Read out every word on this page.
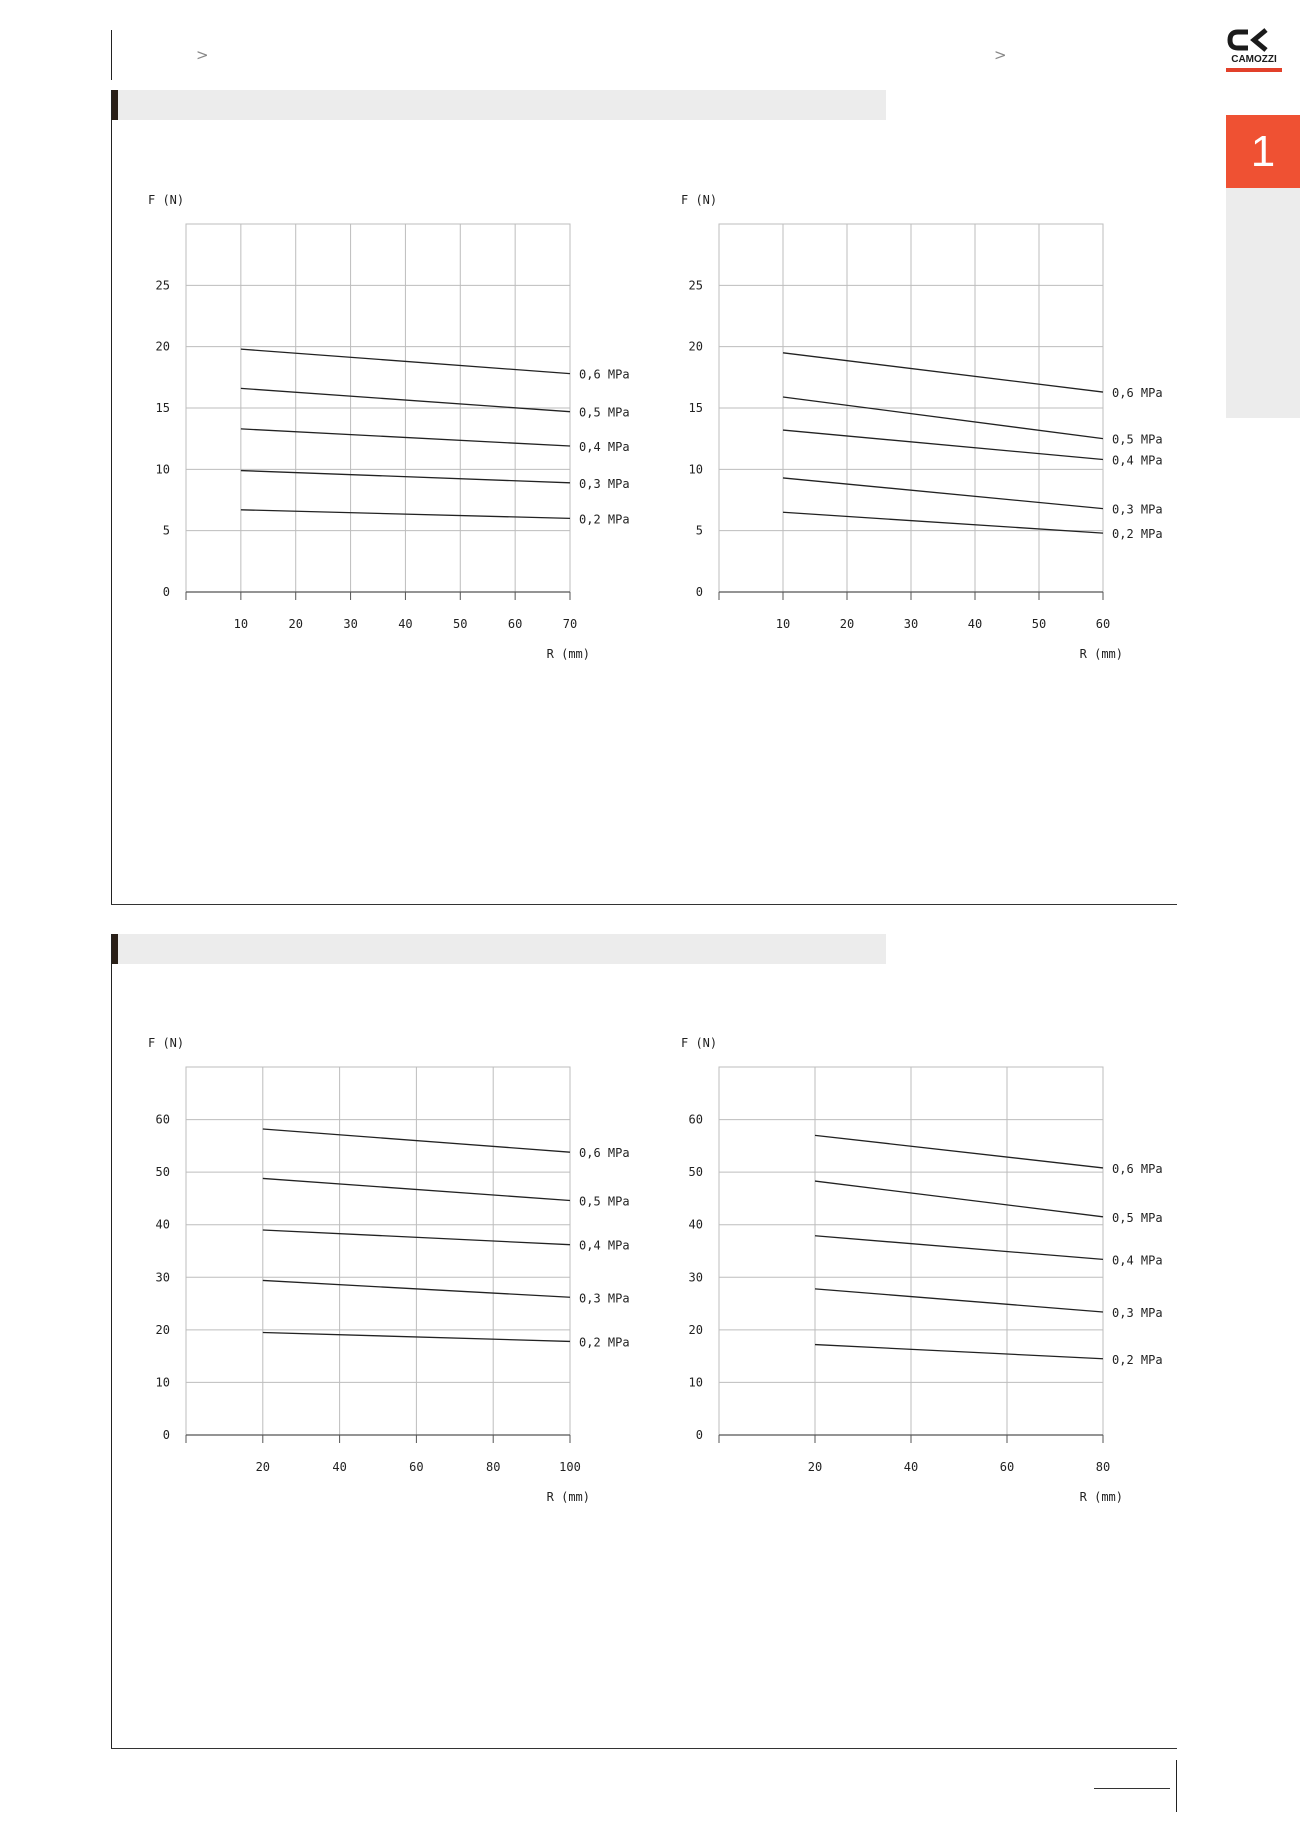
>	>	CAMOZZI
1
0
5
10
15
20
25
10	20	30	40	50	60	70
F (N)
R (mm)
0,6 MPa
0,5 MPa
0,4 MPa
0,3 MPa
0,2 MPa
0
5
10
15
20
25
10	20	30	40	50	60
F (N)
R (mm)
0,6 MPa
0,5 MPa
0,4 MPa
0,3 MPa
0,2 MPa
0
10
20
30
40
50
60
20	40	60	80	100
F (N)
R (mm)
0,6 MPa
0,5 MPa
0,4 MPa
0,3 MPa
0,2 MPa
0
10
20
30
40
50
60
20	40	60	80
F (N)
R (mm)
0,6 MPa
0,5 MPa
0,4 MPa
0,3 MPa
0,2 MPa
